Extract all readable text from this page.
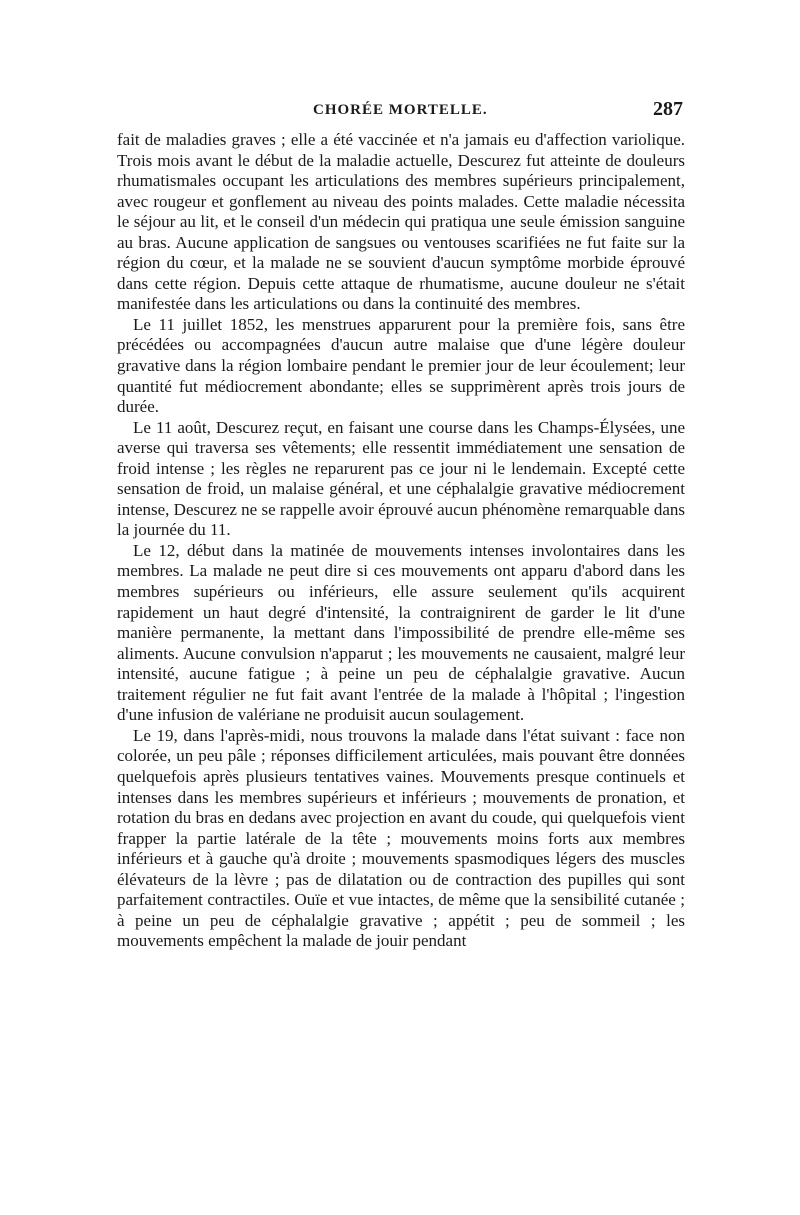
CHORÉE MORTELLE.	287

fait de maladies graves ; elle a été vaccinée et n'a jamais eu d'affection variolique. Trois mois avant le début de la maladie actuelle, Descurez fut atteinte de douleurs rhumatismales occupant les articulations des membres supérieurs principalement, avec rougeur et gonflement au niveau des points malades. Cette maladie nécessita le séjour au lit, et le conseil d'un médecin qui pratiqua une seule émission sanguine au bras. Aucune application de sangsues ou ventouses scarifiées ne fut faite sur la région du cœur, et la malade ne se souvient d'aucun symptôme morbide éprouvé dans cette région. Depuis cette attaque de rhumatisme, aucune douleur ne s'était manifestée dans les articulations ou dans la continuité des membres.

Le 11 juillet 1852, les menstrues apparurent pour la première fois, sans être précédées ou accompagnées d'aucun autre malaise que d'une légère douleur gravative dans la région lombaire pendant le premier jour de leur écoulement; leur quantité fut médiocrement abondante; elles se supprimèrent après trois jours de durée.

Le 11 août, Descurez reçut, en faisant une course dans les Champs-Élysées, une averse qui traversa ses vêtements; elle ressentit immédiatement une sensation de froid intense ; les règles ne reparurent pas ce jour ni le lendemain. Excepté cette sensation de froid, un malaise général, et une céphalalgie gravative médiocrement intense, Descurez ne se rappelle avoir éprouvé aucun phénomène remarquable dans la journée du 11.

Le 12, début dans la matinée de mouvements intenses involontaires dans les membres. La malade ne peut dire si ces mouvements ont apparu d'abord dans les membres supérieurs ou inférieurs, elle assure seulement qu'ils acquirent rapidement un haut degré d'intensité, la contraignirent de garder le lit d'une manière permanente, la mettant dans l'impossibilité de prendre elle-même ses aliments. Aucune convulsion n'apparut ; les mouvements ne causaient, malgré leur intensité, aucune fatigue ; à peine un peu de céphalalgie gravative. Aucun traitement régulier ne fut fait avant l'entrée de la malade à l'hôpital ; l'ingestion d'une infusion de valériane ne produisit aucun soulagement.

Le 19, dans l'après-midi, nous trouvons la malade dans l'état suivant : face non colorée, un peu pâle ; réponses difficilement articulées, mais pouvant être données quelquefois après plusieurs tentatives vaines. Mouvements presque continuels et intenses dans les membres supérieurs et inférieurs ; mouvements de pronation, et rotation du bras en dedans avec projection en avant du coude, qui quelquefois vient frapper la partie latérale de la tête ; mouvements moins forts aux membres inférieurs et à gauche qu'à droite ; mouvements spasmodiques légers des muscles élévateurs de la lèvre ; pas de dilatation ou de contraction des pupilles qui sont parfaitement contractiles. Ouïe et vue intactes, de même que la sensibilité cutanée ; à peine un peu de céphalalgie gravative ; appétit ; peu de sommeil ; les mouvements empêchent la malade de jouir pendant
